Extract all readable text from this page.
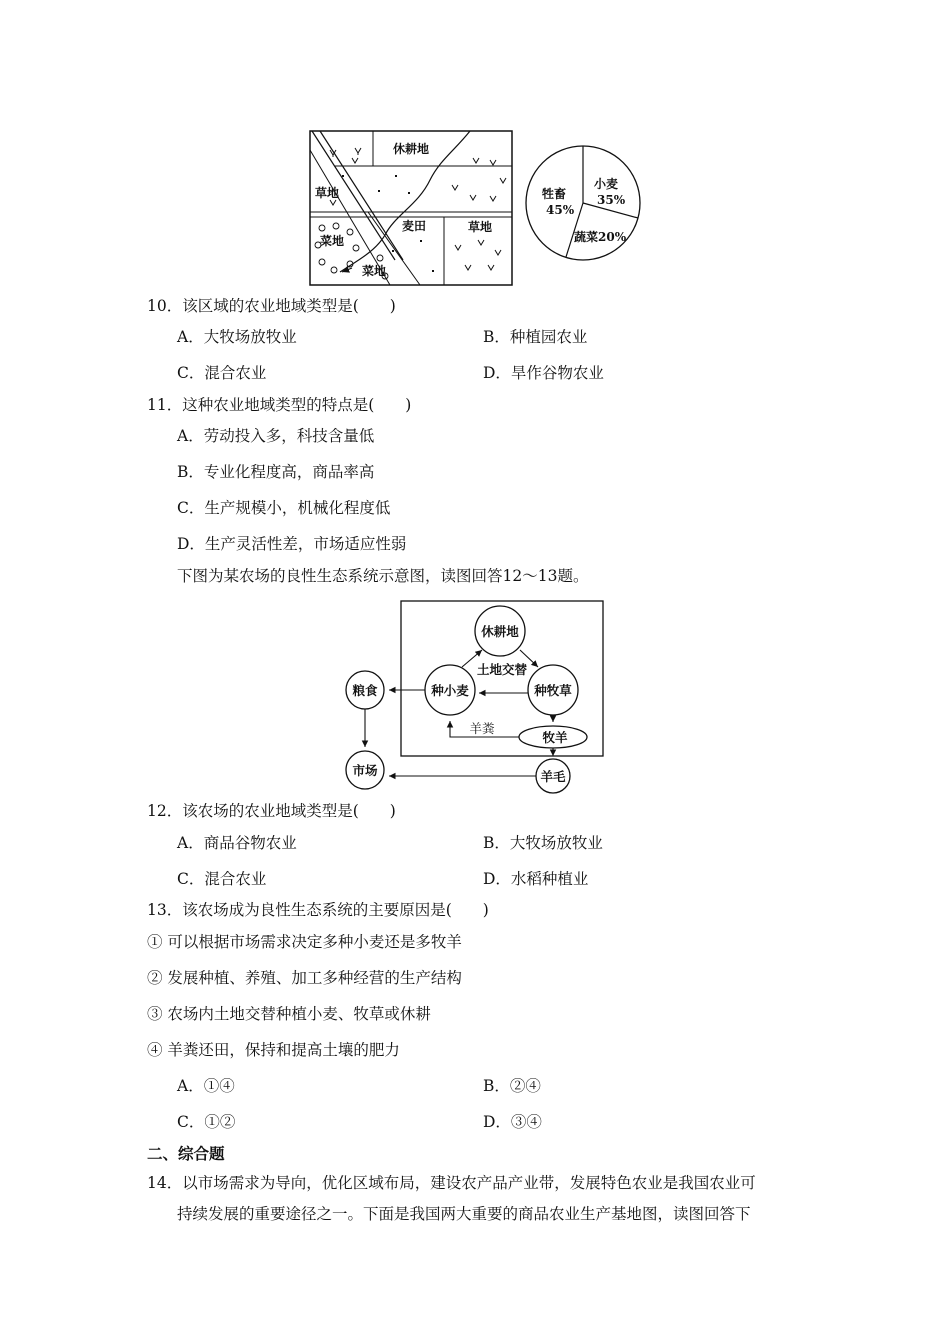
休耕地
草地
麦田	草地
菜地
菜地
牲畜
45%
小麦
35%
蔬菜20%
10．该区域的农业地域类型是(　　)
A．大牧场放牧业	B．种植园农业
C．混合农业	D．旱作谷物农业
11．这种农业地域类型的特点是(　　)
A．劳动投入多，科技含量低
B．专业化程度高，商品率高
C．生产规模小，机械化程度低
D．生产灵活性差，市场适应性弱
下图为某农场的良性生态系统示意图，读图回答12～13题。
休耕地
土地交替
种小麦	种牧草
粮食
市场
牧羊
羊毛
羊粪
12．该农场的农业地域类型是(　　)
A．商品谷物农业	B．大牧场放牧业
C．混合农业	D．水稻种植业
13．该农场成为良性生态系统的主要原因是(　　)
① 可以根据市场需求决定多种小麦还是多牧羊
② 发展种植、养殖、加工多种经营的生产结构
③ 农场内土地交替种植小麦、牧草或休耕
④ 羊粪还田，保持和提高土壤的肥力
A．①④	B．②④
C．①②	D．③④
二、综合题
14．以市场需求为导向，优化区域布局，建设农产品产业带，发展特色农业是我国农业可
持续发展的重要途径之一。下面是我国两大重要的商品农业生产基地图，读图回答下
